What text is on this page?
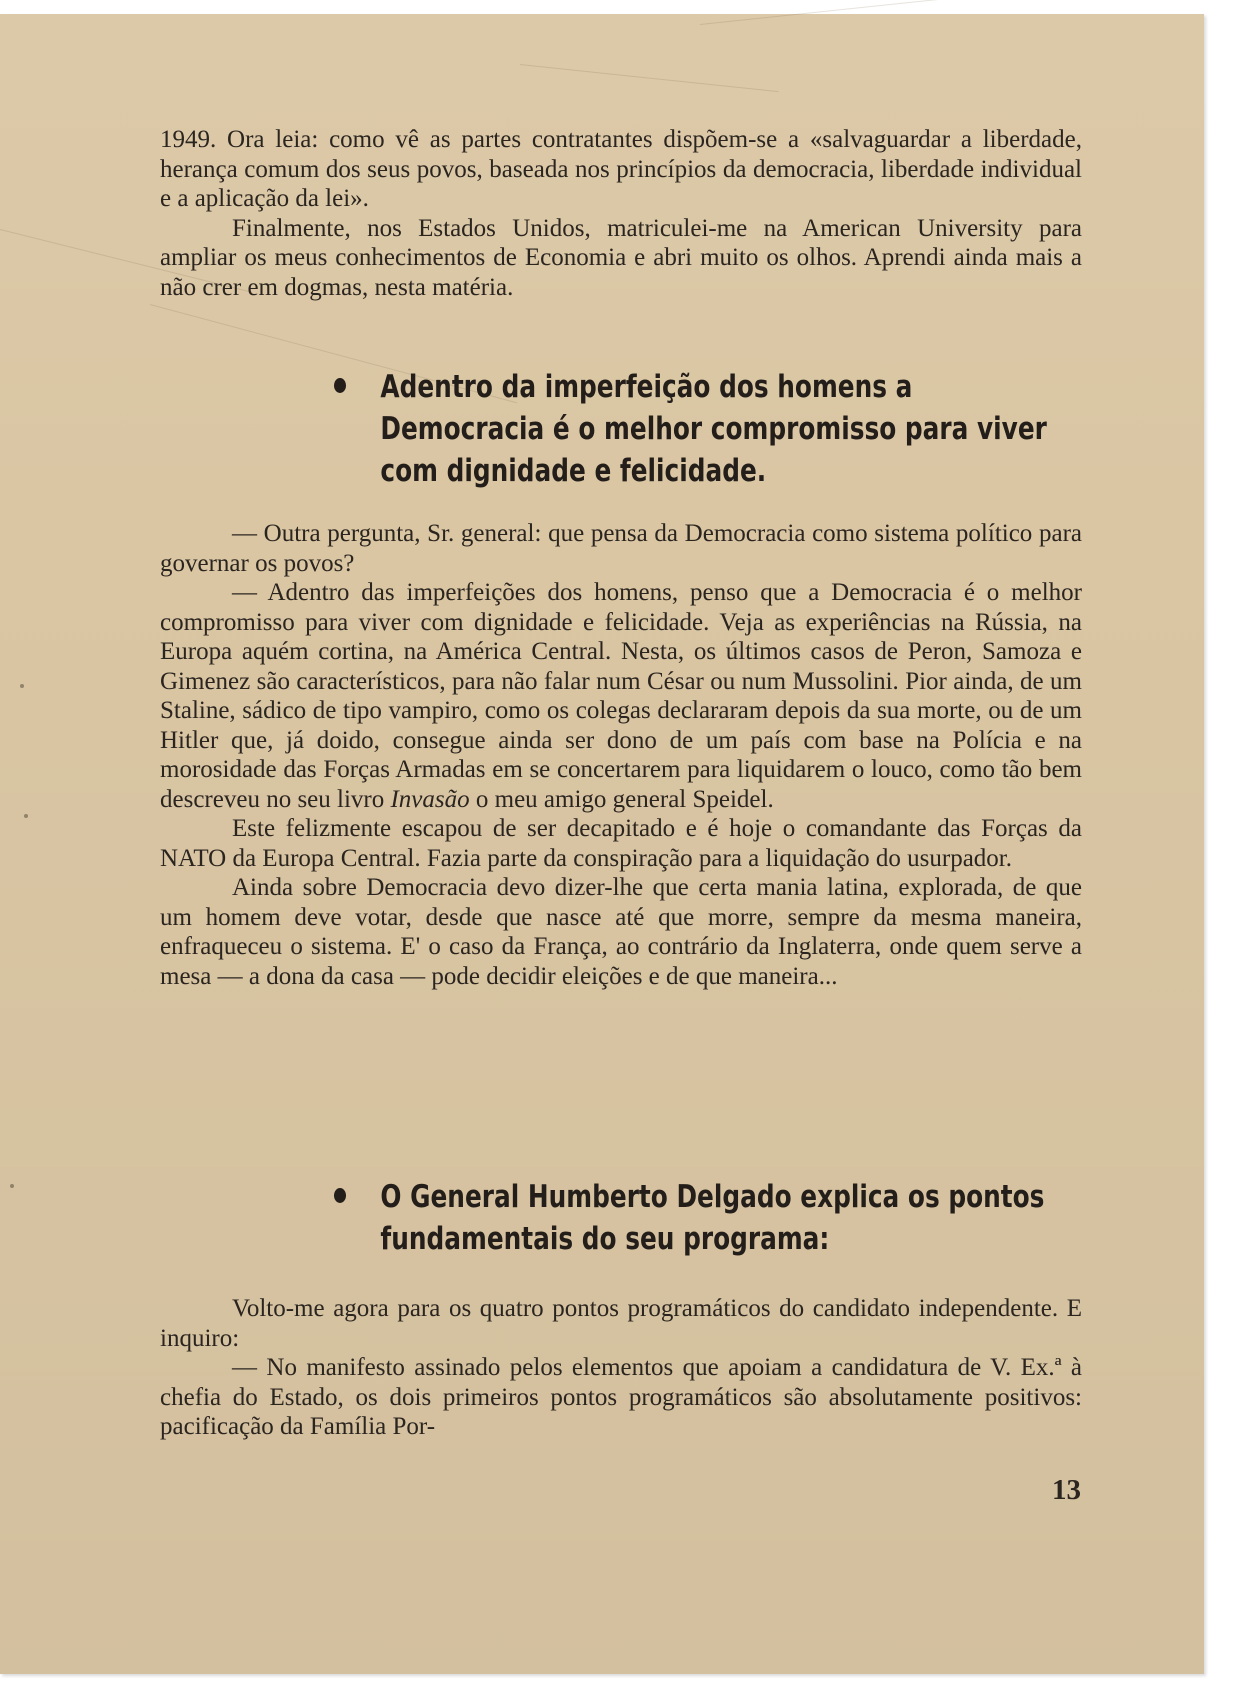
1949. Ora leia: como vê as partes contratantes dispõem-se a «salvaguardar a liberdade, herança comum dos seus povos, baseada nos princípios da democracia, liberdade individual e a aplicação da lei».

Finalmente, nos Estados Unidos, matriculei-me na American University para ampliar os meus conhecimentos de Economia e abri muito os olhos. Aprendi ainda mais a não crer em dogmas, nesta matéria.

Adentro da imperfeição dos homens a Democracia é o melhor compromisso para viver com dignidade e felicidade.

— Outra pergunta, Sr. general: que pensa da Democracia como sistema político para governar os povos?

— Adentro das imperfeições dos homens, penso que a Democracia é o melhor compromisso para viver com dignidade e felicidade. Veja as experiências na Rússia, na Europa aquém cortina, na América Central. Nesta, os últimos casos de Peron, Samoza e Gimenez são característicos, para não falar num César ou num Mussolini. Pior ainda, de um Staline, sádico de tipo vampiro, como os colegas declararam depois da sua morte, ou de um Hitler que, já doido, consegue ainda ser dono de um país com base na Polícia e na morosidade das Forças Armadas em se concertarem para liquidarem o louco, como tão bem descreveu no seu livro Invasão o meu amigo general Speidel.

Este felizmente escapou de ser decapitado e é hoje o comandante das Forças da NATO da Europa Central. Fazia parte da conspiração para a liquidação do usurpador.

Ainda sobre Democracia devo dizer-lhe que certa mania latina, explorada, de que um homem deve votar, desde que nasce até que morre, sempre da mesma maneira, enfraqueceu o sistema. E' o caso da França, ao contrário da Inglaterra, onde quem serve a mesa — a dona da casa — pode decidir eleições e de que maneira...

O General Humberto Delgado explica os pontos fundamentais do seu programa:

Volto-me agora para os quatro pontos programáticos do candidato independente. E inquiro:

— No manifesto assinado pelos elementos que apoiam a candidatura de V. Ex.ª à chefia do Estado, os dois primeiros pontos programáticos são absolutamente positivos: pacificação da Família Por-

13
